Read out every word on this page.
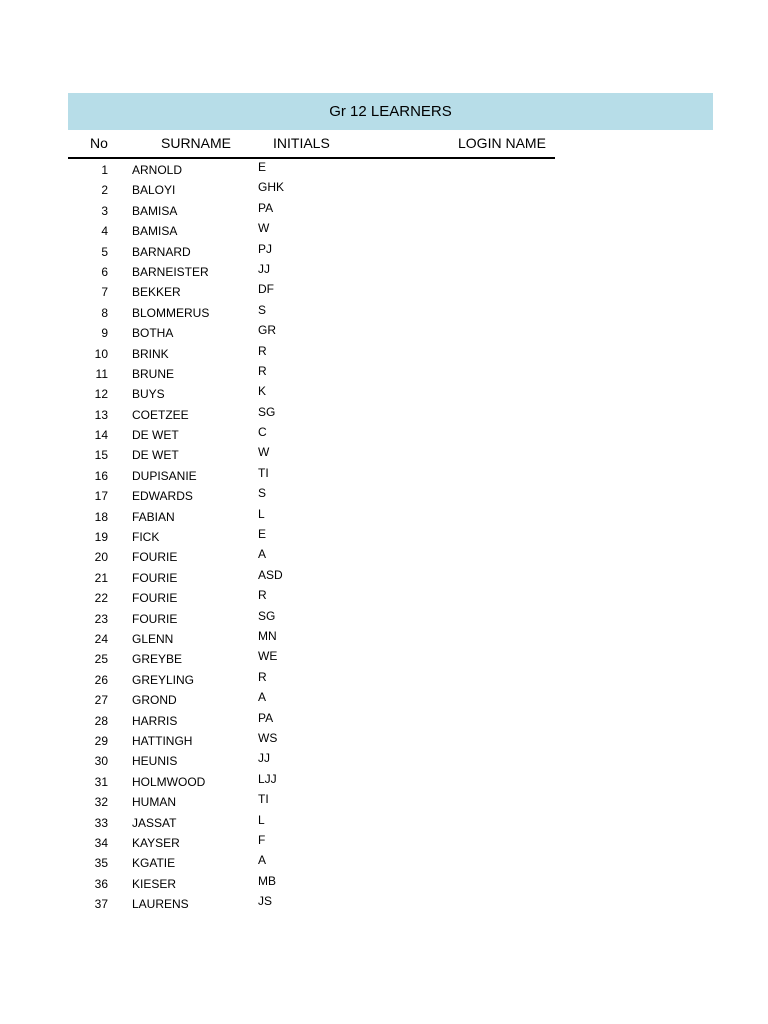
Gr 12 LEARNERS
No	SURNAME	INITIALS	LOGIN NAME
1 ARNOLD	E
2 BALOYI	GHK
3 BAMISA	PA
4 BAMISA	W
5 BARNARD	PJ
6 BARNEISTER	JJ
7 BEKKER	DF
8 BLOMMERUS	S
9 BOTHA	GR
10 BRINK	R
11 BRUNE	R
12 BUYS	K
13 COETZEE	SG
14 DE WET	C
15 DE WET	W
16 DUPISANIE	TI
17 EDWARDS	S
18 FABIAN	L
19 FICK	E
20 FOURIE	A
21 FOURIE	ASD
22 FOURIE	R
23 FOURIE	SG
24 GLENN	MN
25 GREYBE	WE
26 GREYLING	R
27 GROND	A
28 HARRIS	PA
29 HATTINGH	WS
30 HEUNIS	JJ
31 HOLMWOOD	LJJ
32 HUMAN	TI
33 JASSAT	L
34 KAYSER	F
35 KGATIE	A
36 KIESER	MB
37 LAURENS	JS
